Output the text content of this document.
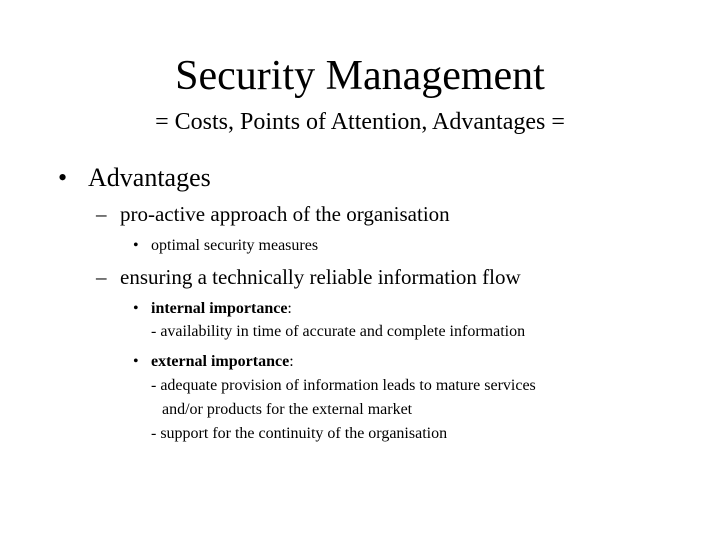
Security Management
= Costs, Points of Attention, Advantages =
• Advantages
– pro-active approach of the organisation
• optimal security measures
– ensuring a technically reliable information flow
• internal importance:
- availability in time of accurate and complete information
• external importance:
- adequate provision of information leads to mature services
and/or products for the external market
- support for the continuity of the organisation
